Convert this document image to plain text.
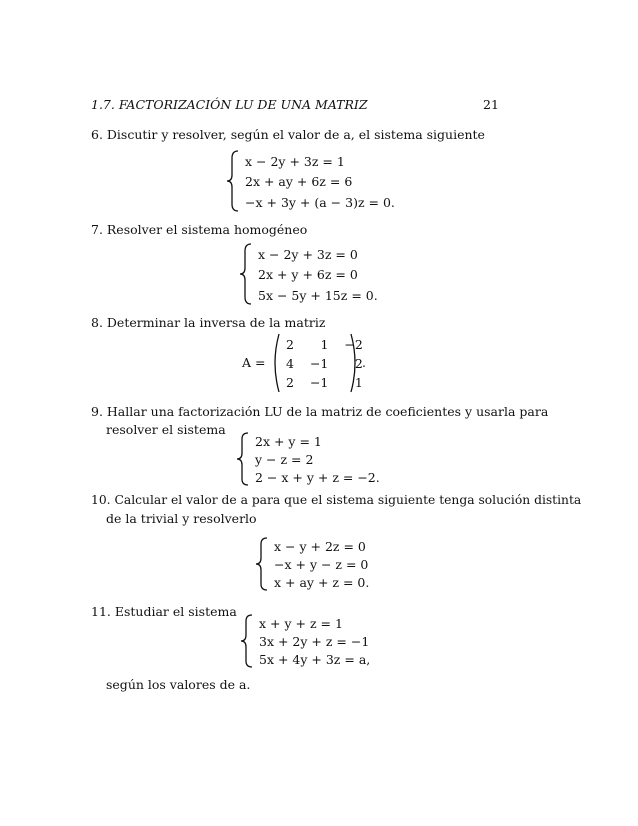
1.7. FACTORIZACIÓN LU DE UNA MATRIZ	21
6. Discutir y resolver, según el valor de a, el sistema siguiente
x − 2y + 3z = 1
2x + ay + 6z = 6
−x + 3y + (a − 3)z = 0.
7. Resolver el sistema homogéneo
x − 2y + 3z = 0
2x + y + 6z = 0
5x − 5y + 15z = 0.
8. Determinar la inversa de la matriz
A =
2	1	−2
4	−1	2
2	−1	1
.
9. Hallar una factorización LU de la matriz de coeficientes y usarla para
resolver el sistema
2x + y = 1
y − z = 2
2 − x + y + z = −2.
10. Calcular el valor de a para que el sistema siguiente tenga solución distinta
de la trivial y resolverlo
x − y + 2z = 0
−x + y − z = 0
x + ay + z = 0.
11. Estudiar el sistema
x + y + z = 1
3x + 2y + z = −1
5x + 4y + 3z = a,
según los valores de a.
